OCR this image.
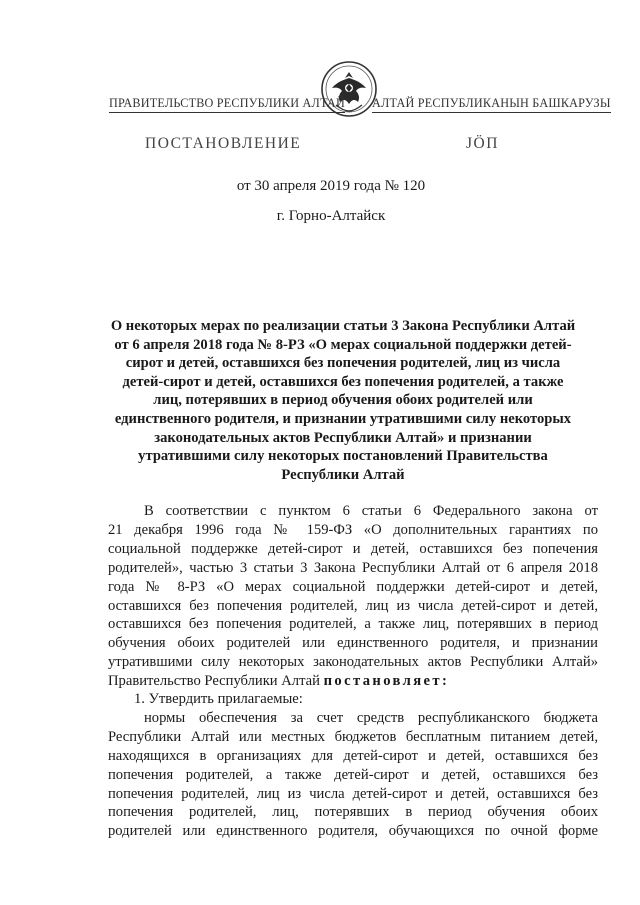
ПРАВИТЕЛЬСТВО РЕСПУБЛИКИ АЛТАЙ АЛТАЙ РЕСПУБЛИКАНЫН БАШКАРУЗЫ
ПОСТАНОВЛЕНИЕ	ЈӦП
от 30 апреля 2019 года № 120
г. Горно-Алтайск
О некоторых мерах по реализации статьи 3 Закона Республики Алтай
от 6 апреля 2018 года № 8-РЗ «О мерах социальной поддержки детей-
сирот и детей, оставшихся без попечения родителей, лиц из числа
детей-сирот и детей, оставшихся без попечения родителей, а также
лиц, потерявших в период обучения обоих родителей или
единственного родителя, и признании утратившими силу некоторых
законодательных актов Республики Алтай» и признании
утратившими силу некоторых постановлений Правительства
Республики Алтай
В соответствии с пунктом 6 статьи 6 Федерального закона от
21 декабря 1996 года № 159-ФЗ «О дополнительных гарантиях по
социальной поддержке детей-сирот и детей, оставшихся без попечения
родителей», частью 3 статьи 3 Закона Республики Алтай от 6 апреля 2018
года № 8-РЗ «О мерах социальной поддержки детей-сирот и детей,
оставшихся без попечения родителей, лиц из числа детей-сирот и детей,
оставшихся без попечения родителей, а также лиц, потерявших в период
обучения обоих родителей или единственного родителя, и признании
утратившими силу некоторых законодательных актов Республики Алтай»
Правительство Республики Алтай постановляет:
1. Утвердить прилагаемые:
нормы обеспечения за счет средств республиканского бюджета
Республики Алтай или местных бюджетов бесплатным питанием детей,
находящихся в организациях для детей-сирот и детей, оставшихся без
попечения родителей, а также детей-сирот и детей, оставшихся без
попечения родителей, лиц из числа детей-сирот и детей, оставшихся без
попечения родителей, лиц, потерявших в период обучения обоих
родителей или единственного родителя, обучающихся по очной форме
